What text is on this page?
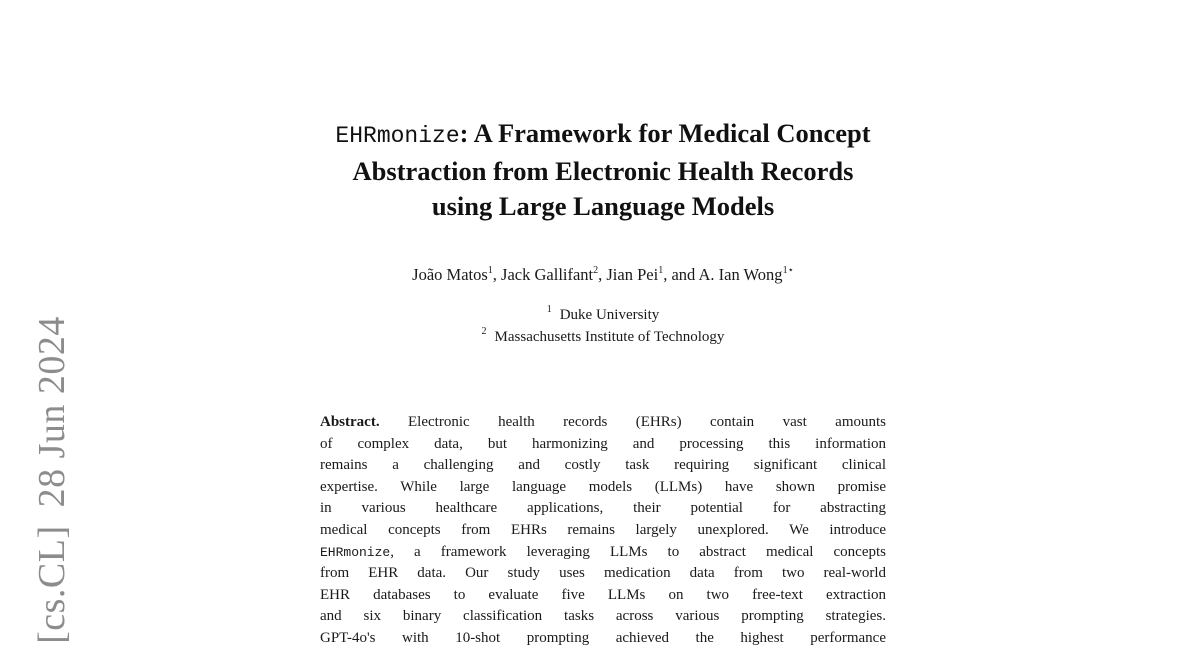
[cs.CL]28 Jun 2024
EHRmonize: A Framework for Medical Concept
Abstraction from Electronic Health Records
using Large Language Models
João Matos$^1$, Jack Gallifant$^2$, Jian Pei$^1$, and A. Ian Wong$^{1⋆}$
$^1$ Duke University
$^2$ Massachusetts Institute of Technology
Abstract. Electronic health records (EHRs) contain vast amounts
of complex data, but harmonizing and processing this information
remains a challenging and costly task requiring significant clinical
expertise. While large language models (LLMs) have shown promise
in various healthcare applications, their potential for abstracting
medical concepts from EHRs remains largely unexplored. We introduce
EHRmonize, a framework leveraging LLMs to abstract medical concepts
from EHR data. Our study uses medication data from two real-world
EHR databases to evaluate five LLMs on two free-text extraction
and six binary classification tasks across various prompting strategies.
GPT-4o's with 10-shot prompting achieved the highest performance
